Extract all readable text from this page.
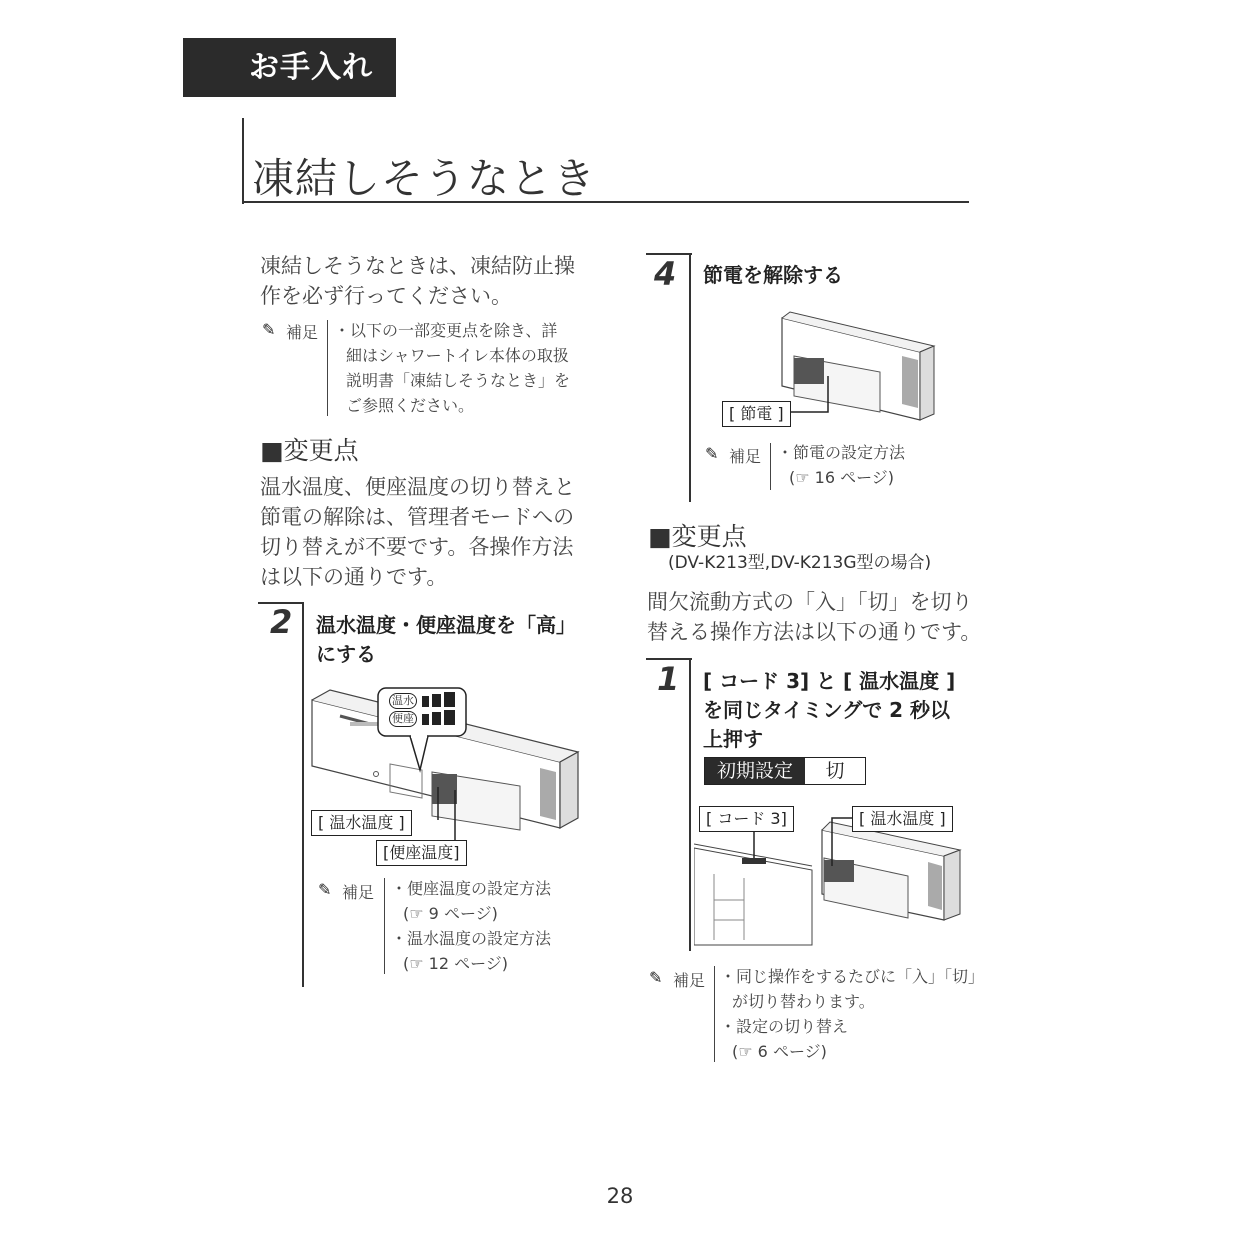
お手入れ
凍結しそうなとき
凍結しそうなときは、凍結防止操
作を必ず行ってください。
✎ 補足 ・以下の一部変更点を除き、詳
細はシャワートイレ本体の取扱
説明書「凍結しそうなとき」を
ご参照ください。
■変更点
温水温度、便座温度の切り替えと
節電の解除は、管理者モードへの
切り替えが不要です。各操作方法
は以下の通りです。
2 温水温度・便座温度を「高」
にする
温水
便座
[ 温水温度 ]
[便座温度]
✎ 補足 ・便座温度の設定方法
(☞ 9 ページ)
・温水温度の設定方法
(☞ 12 ページ)
4 節電を解除する
[ 節電 ]
✎ 補足 ・節電の設定方法
(☞ 16 ページ)
■変更点
(DV-K213型,DV-K213G型の場合)
間欠流動方式の「入」「切」を切り
替える操作方法は以下の通りです。
1 [ コード 3] と [ 温水温度 ]
を同じタイミングで 2 秒以
上押す
初期設定	切
[ コード 3]	[ 温水温度 ]
✎ 補足 ・同じ操作をするたびに「入」「切」
が切り替わります。
・設定の切り替え
(☞ 6 ページ)
28
